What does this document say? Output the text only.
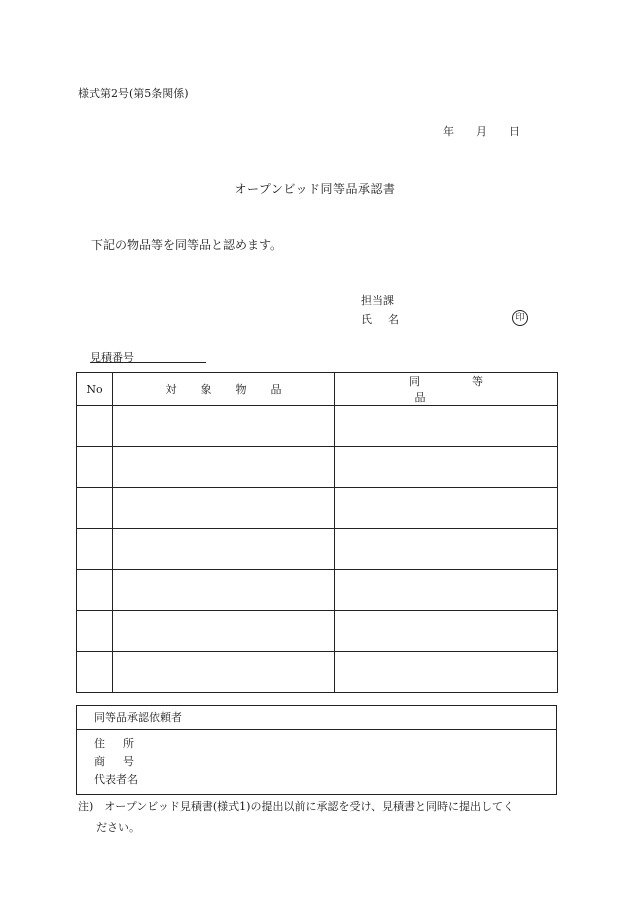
様式第2号(第5条関係)
年 月 日
オープンビッド同等品承認書
下記の物品等を同等品と認めます。
担当課
氏 名	印
見積番号
No	対象物品	同等品

同等品承認依頼者
住 所
商 号
代表者名
注)　オープンビッド見積書(様式1)の提出以前に承認を受け、見積書と同時に提出してく
ださい。
